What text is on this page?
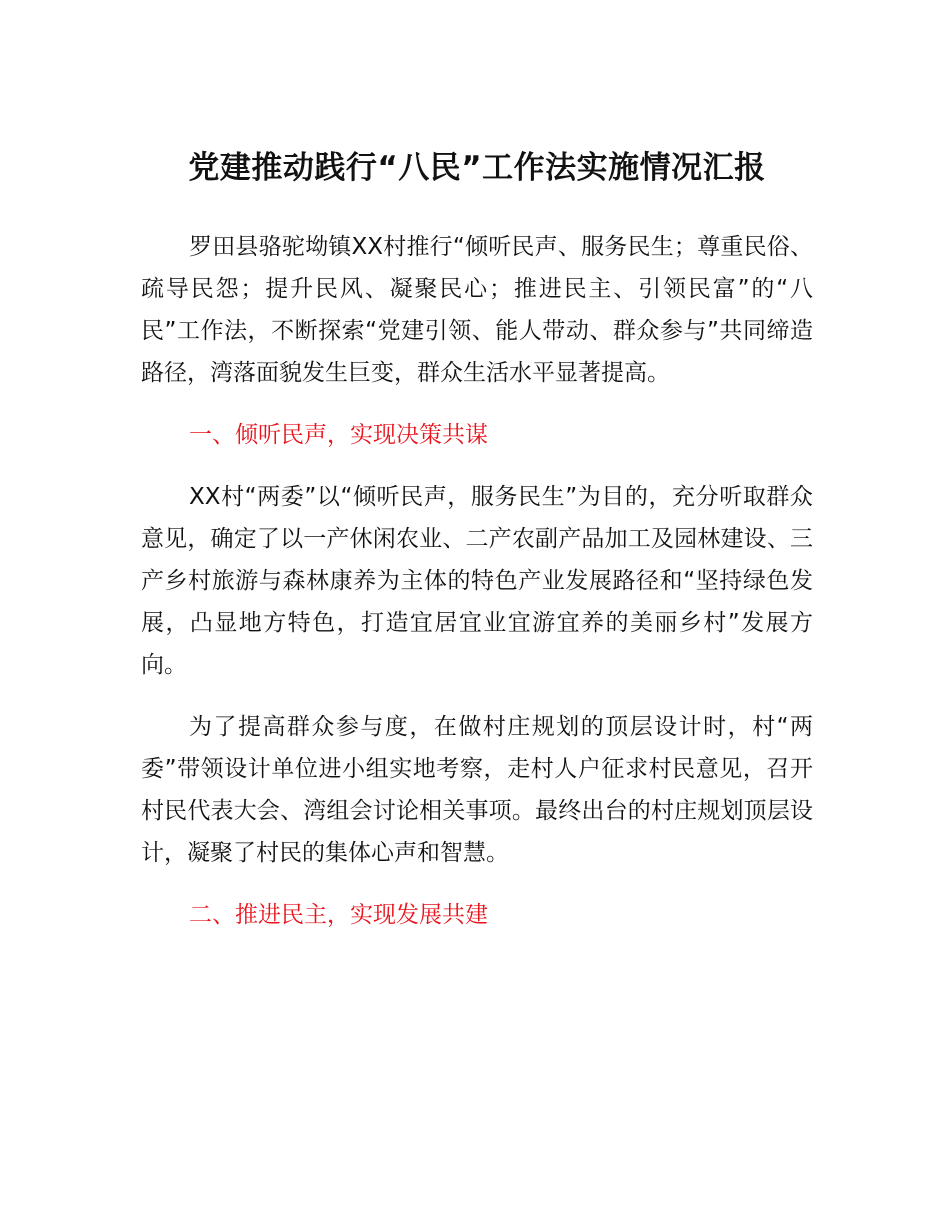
党建推动践行“八民”工作法实施情况汇报

罗田县骆驼坳镇XX村推行“倾听民声、服务民生；尊重民俗、疏导民怨；提升民风、凝聚民心；推进民主、引领民富”的“八民”工作法，不断探索“党建引领、能人带动、群众参与”共同缔造路径，湾落面貌发生巨变，群众生活水平显著提高。

一、倾听民声，实现决策共谋

XX村“两委”以“倾听民声，服务民生”为目的，充分听取群众意见，确定了以一产休闲农业、二产农副产品加工及园林建设、三产乡村旅游与森林康养为主体的特色产业发展路径和“坚持绿色发展，凸显地方特色，打造宜居宜业宜游宜养的美丽乡村”发展方向。

为了提高群众参与度，在做村庄规划的顶层设计时，村“两委”带领设计单位进小组实地考察，走村人户征求村民意见，召开村民代表大会、湾组会讨论相关事项。最终出台的村庄规划顶层设计，凝聚了村民的集体心声和智慧。

二、推进民主，实现发展共建
